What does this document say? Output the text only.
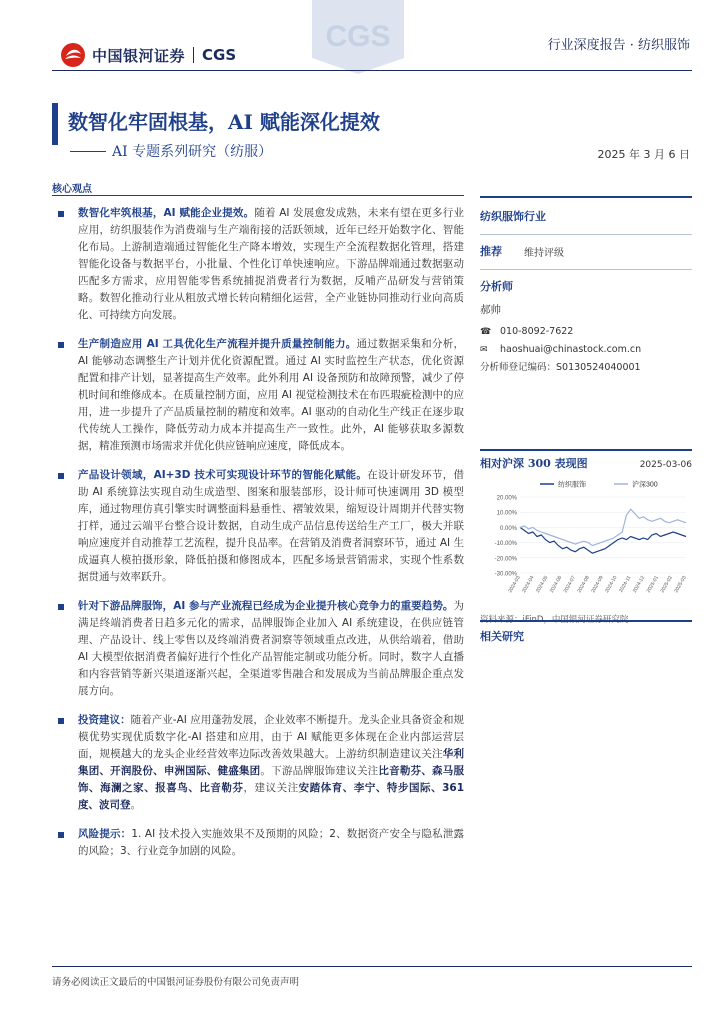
CGS
中国银河证券 CGS
行业深度报告 · 纺织服饰
数智化牢固根基，AI 赋能深化提效
AI 专题系列研究（纺服）	2025 年 3 月 6 日
核心观点
数智化牢筑根基，AI 赋能企业提效。随着 AI 发展愈发成熟，未来有望在更多行业应用，纺织服装作为消费端与生产端衔接的活跃领域，近年已经开始数字化、智能化布局。上游制造端通过智能化生产降本增效，实现生产全流程数据化管理，搭建智能化设备与数据平台，小批量、个性化订单快速响应。下游品牌端通过数据驱动匹配多方需求，应用智能零售系统捕捉消费者行为数据，反哺产品研发与营销策略。数智化推动行业从粗放式增长转向精细化运营，全产业链协同推动行业向高质化、可持续方向发展。
生产制造应用 AI 工具优化生产流程并提升质量控制能力。通过数据采集和分析，AI 能够动态调整生产计划并优化资源配置。通过 AI 实时监控生产状态，优化资源配置和排产计划，显著提高生产效率。此外利用 AI 设备预防和故障预警，减少了停机时间和维修成本。在质量控制方面，应用 AI 视觉检测技术在布匹瑕疵检测中的应用，进一步提升了产品质量控制的精度和效率。AI 驱动的自动化生产线正在逐步取代传统人工操作，降低劳动力成本并提高生产一致性。此外，AI 能够获取多源数据，精准预测市场需求并优化供应链响应速度，降低成本。
产品设计领域，AI+3D 技术可实现设计环节的智能化赋能。在设计研发环节，借助 AI 系统算法实现自动生成造型、图案和服装部形，设计师可快速调用 3D 模型库，通过物理仿真引擎实时调整面料悬垂性、褶皱效果，缩短设计周期并代替实物打样，通过云端平台整合设计数据，自动生成产品信息传送给生产工厂，极大并联响应速度并自动推荐工艺流程，提升良品率。在营销及消费者洞察环节，通过 AI 生成逼真人模拍摄形象，降低拍摄和修图成本，匹配多场景营销需求，实现个性系数据贯通与效率跃升。
针对下游品牌服饰，AI 参与产业流程已经成为企业提升核心竞争力的重要趋势。为满足终端消费者日趋多元化的需求，品牌服饰企业加入 AI 系统建设，在供应链管理、产品设计、线上零售以及终端消费者洞察等领域重点改进，从供给端着，借助 AI 大模型依据消费者偏好进行个性化产品智能定制或功能分析。同时，数字人直播和内容营销等新兴渠道逐渐兴起，全渠道零售融合和发展成为当前品牌服企重点发展方向。
投资建议：随着产业-AI 应用蓬勃发展，企业效率不断提升。龙头企业具备资金和规模优势实现优质数字化-AI 搭建和应用，由于 AI 赋能更多体现在企业内部运营层面，规模越大的龙头企业经营效率边际改善效果越大。上游纺织制造建议关注华利集团、开润股份、申洲国际、健盛集团。下游品牌服饰建议关注比音勒芬、森马服饰、海澜之家、报喜鸟、比音勒芬，建议关注安踏体育、李宁、特步国际、361 度、波司登。
风险提示：1. AI 技术投入实施效果不及预期的风险；2、数据资产安全与隐私泄露的风险；3、行业竞争加剧的风险。
纺织服饰行业
推荐	维持评级
分析师
郝帅
☎ 010-8092-7622
✉	haoshuai@chinastock.com.cn
分析师登记编码：S0130524040001
相对沪深 300 表现图	2025-03-06
20.00%
10.00%
0.00%
-10.00%
-20.00%
-30.00%
2024-03 2024-04 2024-05 2024-06 2024-07 2024-08 2024-09 2024-10 2024-11 2024-12 2025-01 2025-02 2025-03
纺织服饰	沪深300
相关研究
请务必阅读正文最后的中国银河证券股份有限公司免责声明
